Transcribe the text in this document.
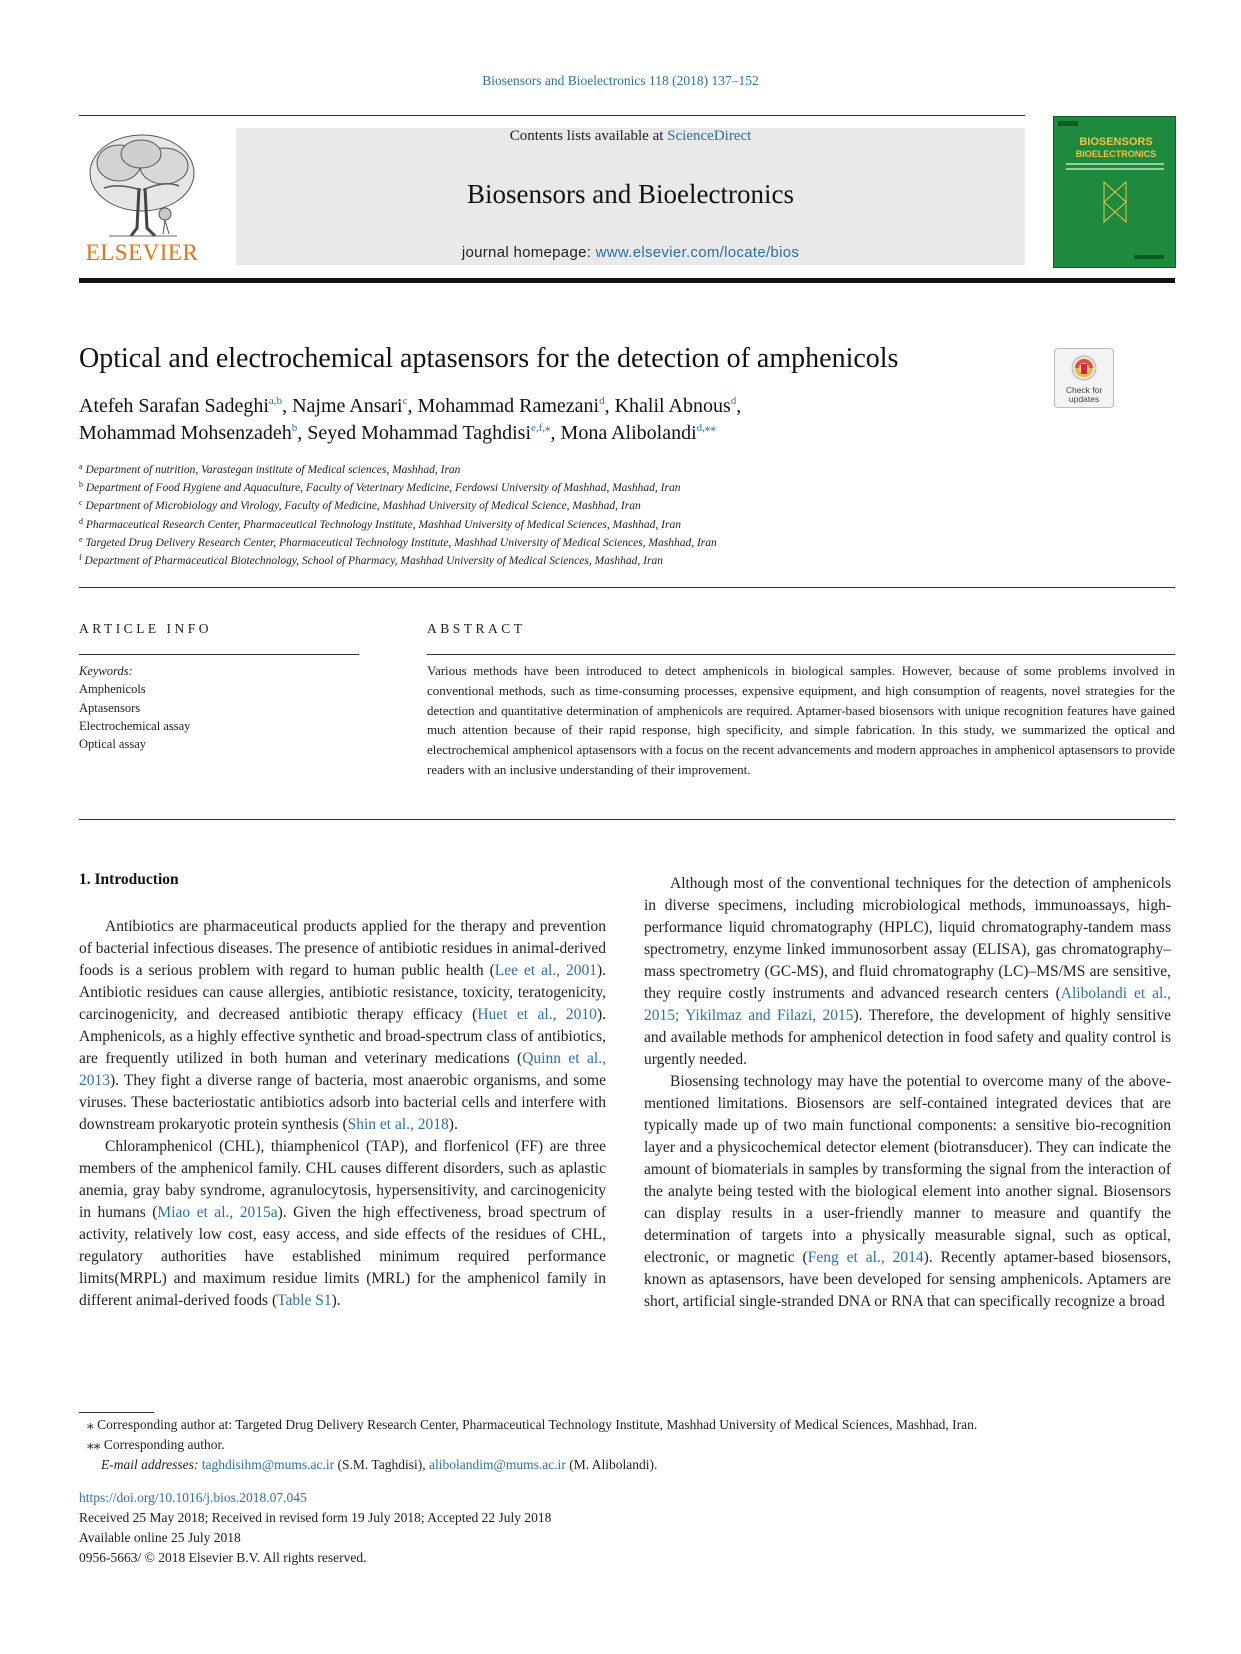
Biosensors and Bioelectronics 118 (2018) 137–152
ELSEVIER
Contents lists available at ScienceDirect
Biosensors and Bioelectronics
journal homepage: www.elsevier.com/locate/bios
BIOSENSORS
BIOELECTRONICS
Optical and electrochemical aptasensors for the detection of amphenicols
Check for updates
Atefeh Sarafan Sadeghi$^{a,b}$, Najme Ansari$^c$, Mohammad Ramezani$^d$, Khalil Abnous$^d$,
Mohammad Mohsenzadeh$^b$, Seyed Mohammad Taghdisi$^{e,f,⁎}$, Mona Alibolandi$^{d,⁎⁎}$
$^a$ Department of nutrition, Varastegan institute of Medical sciences, Mashhad, Iran
$^b$ Department of Food Hygiene and Aquaculture, Faculty of Veterinary Medicine, Ferdowsi University of Mashhad, Mashhad, Iran
$^c$ Department of Microbiology and Virology, Faculty of Medicine, Mashhad University of Medical Science, Mashhad, Iran
$^d$ Pharmaceutical Research Center, Pharmaceutical Technology Institute, Mashhad University of Medical Sciences, Mashhad, Iran
$^e$ Targeted Drug Delivery Research Center, Pharmaceutical Technology Institute, Mashhad University of Medical Sciences, Mashhad, Iran
$^f$ Department of Pharmaceutical Biotechnology, School of Pharmacy, Mashhad University of Medical Sciences, Mashhad, Iran
ARTICLE INFO	ABSTRACT
Keywords:
Amphenicols
Aptasensors
Electrochemical assay
Optical assay
Various methods have been introduced to detect amphenicols in biological samples. However, because of some problems involved in conventional methods, such as time-consuming processes, expensive equipment, and high consumption of reagents, novel strategies for the detection and quantitative determination of amphenicols are required. Aptamer-based biosensors with unique recognition features have gained much attention because of their rapid response, high specificity, and simple fabrication. In this study, we summarized the optical and electrochemical amphenicol aptasensors with a focus on the recent advancements and modern approaches in amphenicol aptasensors to provide readers with an inclusive understanding of their improvement.
1. Introduction

Antibiotics are pharmaceutical products applied for the therapy and prevention of bacterial infectious diseases. The presence of antibiotic residues in animal-derived foods is a serious problem with regard to human public health (Lee et al., 2001). Antibiotic residues can cause allergies, antibiotic resistance, toxicity, teratogenicity, carcinogenicity, and decreased antibiotic therapy efficacy (Huet et al., 2010). Amphenicols, as a highly effective synthetic and broad-spectrum class of antibiotics, are frequently utilized in both human and veterinary medications (Quinn et al., 2013). They fight a diverse range of bacteria, most anaerobic organisms, and some viruses. These bacteriostatic antibiotics adsorb into bacterial cells and interfere with downstream prokaryotic protein synthesis (Shin et al., 2018).

Chloramphenicol (CHL), thiamphenicol (TAP), and florfenicol (FF) are three members of the amphenicol family. CHL causes different disorders, such as aplastic anemia, gray baby syndrome, agranulocytosis, hypersensitivity, and carcinogenicity in humans (Miao et al., 2015a). Given the high effectiveness, broad spectrum of activity, relatively low cost, easy access, and side effects of the residues of CHL, regulatory authorities have established minimum required performance limits(MRPL) and maximum residue limits (MRL) for the amphenicol family in different animal-derived foods (Table S1).

Although most of the conventional techniques for the detection of amphenicols in diverse specimens, including microbiological methods, immunoassays, high-performance liquid chromatography (HPLC), liquid chromatography-tandem mass spectrometry, enzyme linked immunosorbent assay (ELISA), gas chromatography–mass spectrometry (GC-MS), and fluid chromatography (LC)–MS/MS are sensitive, they require costly instruments and advanced research centers (Alibolandi et al., 2015; Yikilmaz and Filazi, 2015). Therefore, the development of highly sensitive and available methods for amphenicol detection in food safety and quality control is urgently needed.

Biosensing technology may have the potential to overcome many of the above-mentioned limitations. Biosensors are self-contained integrated devices that are typically made up of two main functional components: a sensitive bio-recognition layer and a physicochemical detector element (biotransducer). They can indicate the amount of biomaterials in samples by transforming the signal from the interaction of the analyte being tested with the biological element into another signal. Biosensors can display results in a user-friendly manner to measure and quantify the determination of targets into a physically measurable signal, such as optical, electronic, or magnetic (Feng et al., 2014). Recently aptamer-based biosensors, known as aptasensors, have been developed for sensing amphenicols. Aptamers are short, artificial single-stranded DNA or RNA that can specifically recognize a broad

⁎ Corresponding author at: Targeted Drug Delivery Research Center, Pharmaceutical Technology Institute, Mashhad University of Medical Sciences, Mashhad, Iran.
⁎⁎ Corresponding author.
E-mail addresses: taghdisihm@mums.ac.ir (S.M. Taghdisi), alibolandim@mums.ac.ir (M. Alibolandi).
https://doi.org/10.1016/j.bios.2018.07.045
Received 25 May 2018; Received in revised form 19 July 2018; Accepted 22 July 2018
Available online 25 July 2018
0956-5663/ © 2018 Elsevier B.V. All rights reserved.
